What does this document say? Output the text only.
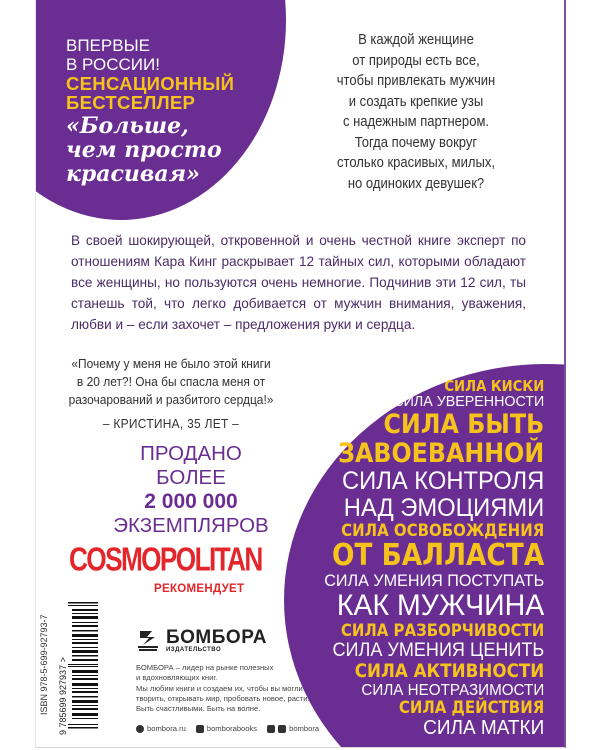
ВПЕРВЫЕ
В РОССИИ!
СЕНСАЦИОННЫЙ
БЕСТСЕЛЛЕР
«Больше,
чем просто
красивая»
В каждой женщине
от природы есть все,
чтобы привлекать мужчин
и создать крепкие узы
с надежным партнером.
Тогда почему вокруг
столько красивых, милых,
но одиноких девушек?
В своей шокирующей, откровенной и очень честной книге эксперт по отношениям Кара Кинг раскрывает 12 тайных сил, которыми обладают все женщины, но пользуются очень немногие. Подчинив эти 12 сил, ты станешь той, что легко добивается от мужчин внимания, уважения, любви и – если захочет – предложения руки и сердца.
«Почему у меня не было этой книги
в 20 лет?! Она бы спасла меня от
разочарований и разбитого сердца!»
– КРИСТИНА, 35 ЛЕТ –
ПРОДАНО
БОЛЕЕ
2 000 000
ЭКЗЕМПЛЯРОВ
COSMOPOLITAN
РЕКОМЕНДУЕТ
9 785699 927937 >
ISBN 978-5-699-92793-7	БОМБОРА
ИЗДАТЕЛЬСТВО
БОМБОРА – лидер на рынке полезных
и вдохновляющих книг.
Мы любим книги и создаем их, чтобы вы могли
творить, открывать мир, пробовать новое, расти.
Быть счастливыми. Быть на волне.
bombora.ru	bomborabooks	bombora
СИЛА КИСКИ
СИЛА УВЕРЕННОСТИ
СИЛА БЫТЬ
ЗАВОЕВАННОЙ
СИЛА КОНТРОЛЯ
НАД ЭМОЦИЯМИ
СИЛА ОСВОБОЖДЕНИЯ
ОТ БАЛЛАСТА
СИЛА УМЕНИЯ ПОСТУПАТЬ
КАК МУЖЧИНА
СИЛА РАЗБОРЧИВОСТИ
СИЛА УМЕНИЯ ЦЕНИТЬ
СИЛА АКТИВНОСТИ
СИЛА НЕОТРАЗИМОСТИ
СИЛА ДЕЙСТВИЯ
СИЛА МАТКИ
